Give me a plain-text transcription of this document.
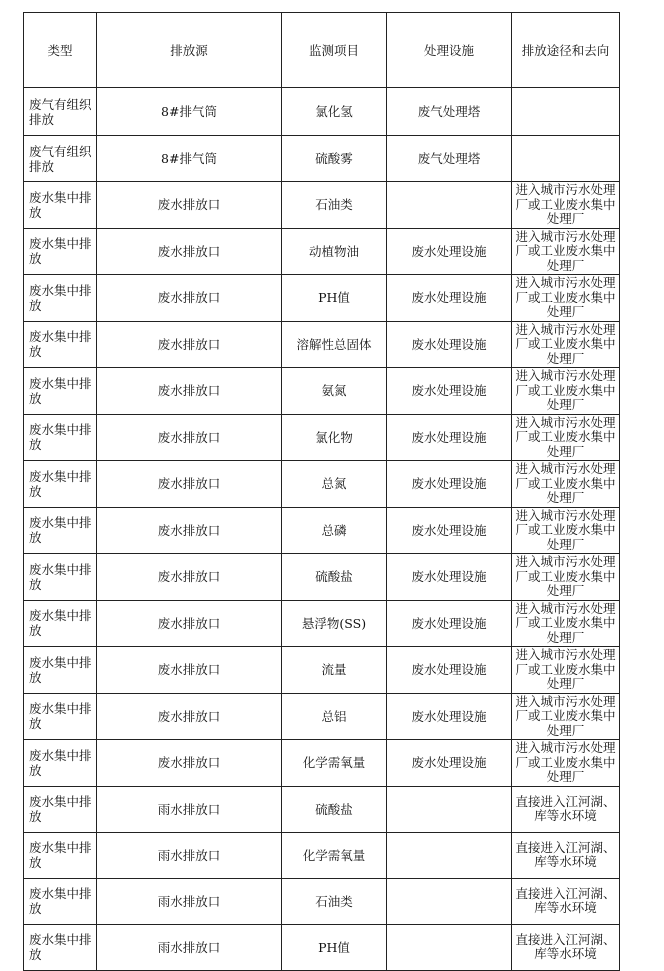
类型	排放源	监测项目	处理设施	排放途径和去向
废气有组织排放	8#排气筒	氯化氢	废气处理塔	
废气有组织排放	8#排气筒	硫酸雾	废气处理塔	
废水集中排放	废水排放口	石油类		进入城市污水处理厂或工业废水集中处理厂
废水集中排放	废水排放口	动植物油	废水处理设施	进入城市污水处理厂或工业废水集中处理厂
废水集中排放	废水排放口	PH值	废水处理设施	进入城市污水处理厂或工业废水集中处理厂
废水集中排放	废水排放口	溶解性总固体	废水处理设施	进入城市污水处理厂或工业废水集中处理厂
废水集中排放	废水排放口	氨氮	废水处理设施	进入城市污水处理厂或工业废水集中处理厂
废水集中排放	废水排放口	氯化物	废水处理设施	进入城市污水处理厂或工业废水集中处理厂
废水集中排放	废水排放口	总氮	废水处理设施	进入城市污水处理厂或工业废水集中处理厂
废水集中排放	废水排放口	总磷	废水处理设施	进入城市污水处理厂或工业废水集中处理厂
废水集中排放	废水排放口	硫酸盐	废水处理设施	进入城市污水处理厂或工业废水集中处理厂
废水集中排放	废水排放口	悬浮物(SS)	废水处理设施	进入城市污水处理厂或工业废水集中处理厂
废水集中排放	废水排放口	流量	废水处理设施	进入城市污水处理厂或工业废水集中处理厂
废水集中排放	废水排放口	总铝	废水处理设施	进入城市污水处理厂或工业废水集中处理厂
废水集中排放	废水排放口	化学需氧量	废水处理设施	进入城市污水处理厂或工业废水集中处理厂
废水集中排放	雨水排放口	硫酸盐		直接进入江河湖、库等水环境
废水集中排放	雨水排放口	化学需氧量		直接进入江河湖、库等水环境
废水集中排放	雨水排放口	石油类		直接进入江河湖、库等水环境
废水集中排放	雨水排放口	PH值		直接进入江河湖、库等水环境
